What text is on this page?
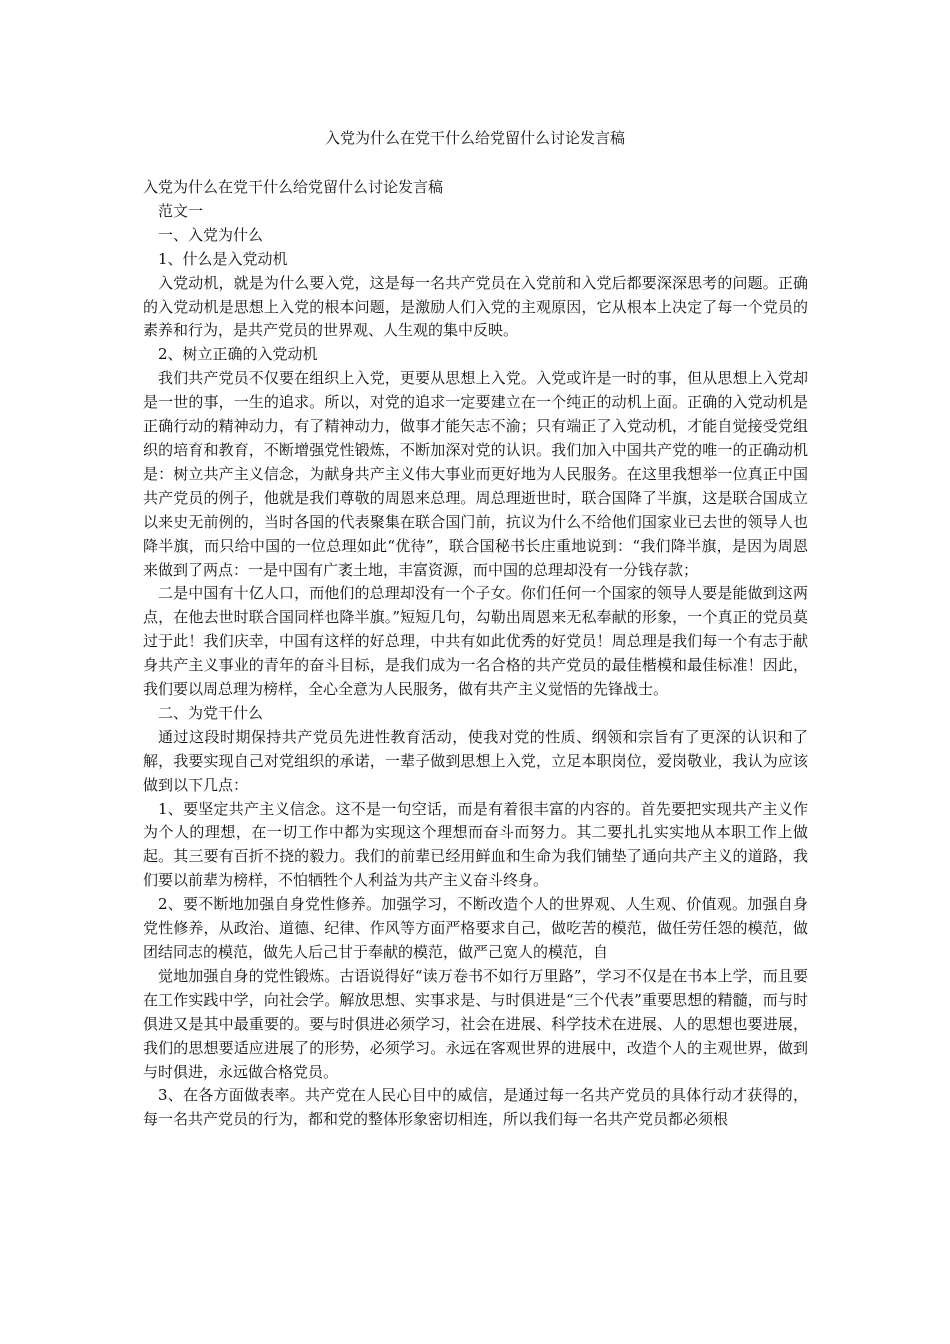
入党为什么在党干什么给党留什么讨论发言稿

入党为什么在党干什么给党留什么讨论发言稿

范文一

一、入党为什么

1、什么是入党动机

入党动机，就是为什么要入党，这是每一名共产党员在入党前和入党后都要深深思考的问题。正确的入党动机是思想上入党的根本问题，是激励人们入党的主观原因，它从根本上决定了每一个党员的素养和行为，是共产党员的世界观、人生观的集中反映。

2、树立正确的入党动机

我们共产党员不仅要在组织上入党，更要从思想上入党。入党或许是一时的事，但从思想上入党却是一世的事，一生的追求。所以，对党的追求一定要建立在一个纯正的动机上面。正确的入党动机是正确行动的精神动力，有了精神动力，做事才能矢志不渝；只有端正了入党动机，才能自觉接受党组织的培育和教育，不断增强党性锻炼，不断加深对党的认识。我们加入中国共产党的唯一的正确动机是：树立共产主义信念，为献身共产主义伟大事业而更好地为人民服务。在这里我想举一位真正中国共产党员的例子，他就是我们尊敬的周恩来总理。周总理逝世时，联合国降了半旗，这是联合国成立以来史无前例的，当时各国的代表聚集在联合国门前，抗议为什么不给他们国家业已去世的领导人也降半旗，而只给中国的一位总理如此“优待”，联合国秘书长庄重地说到：“我们降半旗，是因为周恩来做到了两点：一是中国有广袤土地，丰富资源，而中国的总理却没有一分钱存款；

二是中国有十亿人口，而他们的总理却没有一个子女。你们任何一个国家的领导人要是能做到这两点，在他去世时联合国同样也降半旗。”短短几句，勾勒出周恩来无私奉献的形象，一个真正的党员莫过于此！我们庆幸，中国有这样的好总理，中共有如此优秀的好党员！周总理是我们每一个有志于献身共产主义事业的青年的奋斗目标，是我们成为一名合格的共产党员的最佳楷模和最佳标准！因此，我们要以周总理为榜样，全心全意为人民服务，做有共产主义觉悟的先锋战士。

二、为党干什么

通过这段时期保持共产党员先进性教育活动，使我对党的性质、纲领和宗旨有了更深的认识和了解，我要实现自己对党组织的承诺，一辈子做到思想上入党，立足本职岗位，爱岗敬业，我认为应该做到以下几点：

1、要坚定共产主义信念。这不是一句空话，而是有着很丰富的内容的。首先要把实现共产主义作为个人的理想，在一切工作中都为实现这个理想而奋斗而努力。其二要扎扎实实地从本职工作上做起。其三要有百折不挠的毅力。我们的前辈已经用鲜血和生命为我们铺垫了通向共产主义的道路，我们要以前辈为榜样，不怕牺牲个人利益为共产主义奋斗终身。

2、要不断地加强自身党性修养。加强学习，不断改造个人的世界观、人生观、价值观。加强自身党性修养，从政治、道德、纪律、作风等方面严格要求自己，做吃苦的模范，做任劳任怨的模范，做团结同志的模范，做先人后己甘于奉献的模范，做严己宽人的模范，自

觉地加强自身的党性锻炼。古语说得好“读万卷书不如行万里路”，学习不仅是在书本上学，而且要在工作实践中学，向社会学。解放思想、实事求是、与时俱进是“三个代表”重要思想的精髓，而与时俱进又是其中最重要的。要与时俱进必须学习，社会在进展、科学技术在进展、人的思想也要进展，我们的思想要适应进展了的形势，必须学习。永远在客观世界的进展中，改造个人的主观世界，做到与时俱进，永远做合格党员。

3、在各方面做表率。共产党在人民心目中的威信，是通过每一名共产党员的具体行动才获得的，每一名共产党员的行为，都和党的整体形象密切相连，所以我们每一名共产党员都必须根
